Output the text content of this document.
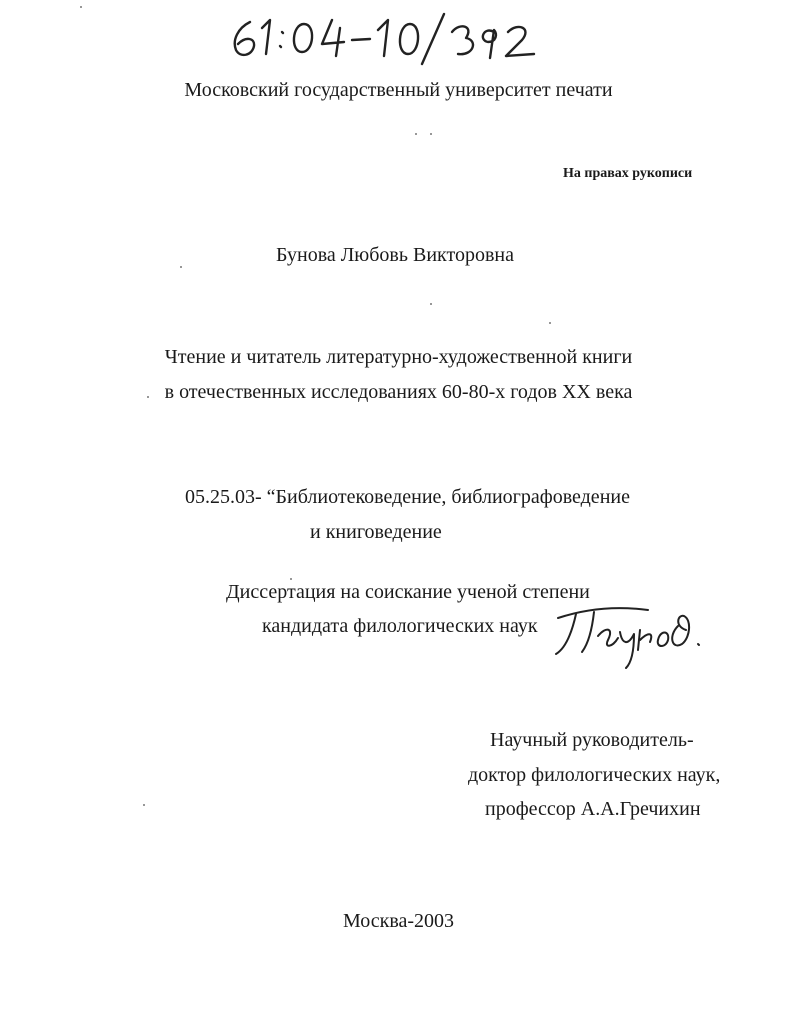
Московский государственный университет печати
На правах рукописи
Бунова Любовь Викторовна
Чтение и читатель литературно-художественной книги
в отечественных исследованиях 60-80-х годов XX века
05.25.03- “Библиотековедение, библиографоведение
и книговедение
Диссертация на соискание ученой степени
кандидата филологических наук
Научный руководитель-
доктор филологических наук,
профессор А.А.Гречихин
Москва-2003
